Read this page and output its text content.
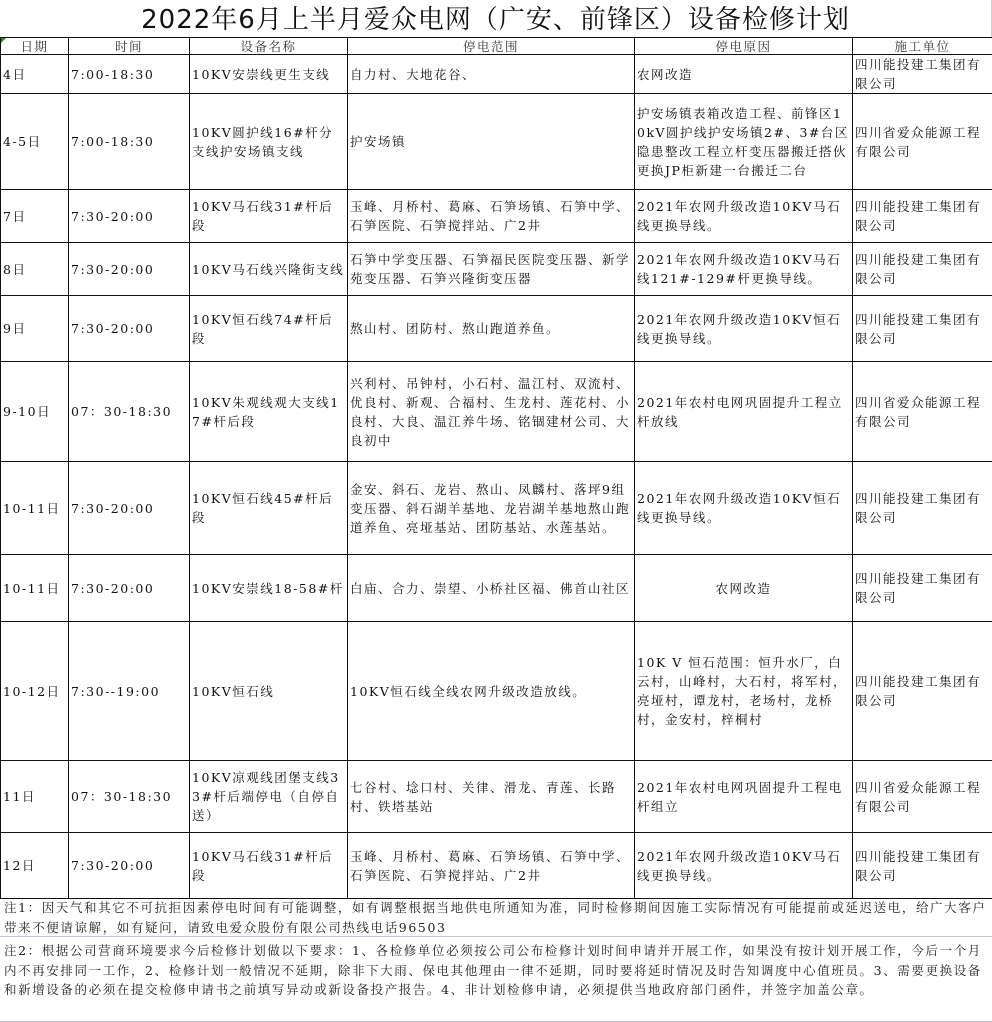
2022年6月上半月爱众电网（广安、前锋区）设备检修计划
日期	时间	设备名称	停电范围	停电原因	施工单位
4日	7:00-18:30	10KV安崇线更生支线	自力村、大地花谷、	农网改造	四川能投建工集团有限公司
4-5日	7:00-18:30	10KV圆护线16#杆分支线护安场镇支线	护安场镇	护安场镇表箱改造工程、前锋区10kV圆护线护安场镇2#、3#台区隐患整改工程立杆变压器搬迁搭伙更换JP柜新建一台搬迁二台	四川省爱众能源工程有限公司
7日	7:30-20:00	10KV马石线31#杆后段	玉峰、月桥村、葛麻、石笋场镇、石笋中学、石笋医院、石笋搅拌站、广2井	2021年农网升级改造10KV马石线更换导线。	四川能投建工集团有限公司
8日	7:30-20:00	10KV马石线兴隆街支线	石笋中学变压器、石笋福民医院变压器、新学苑变压器、石笋兴隆街变压器	2021年农网升级改造10KV马石线121#-129#杆更换导线。	四川能投建工集团有限公司
9日	7:30-20:00	10KV恒石线74#杆后段	熬山村、团防村、熬山跑道养鱼。	2021年农网升级改造10KV恒石线更换导线。	四川能投建工集团有限公司
9-10日	07：30-18:30	10KV朱观线观大支线17#杆后段	兴利村、吊钟村，小石村、温江村、双流村、优良村、新观、合福村、生龙村、莲花村、小良村、大良、温江养牛场、铭锢建材公司、大良初中	2021年农村电网巩固提升工程立杆放线	四川省爱众能源工程有限公司
10-11日	7:30-20:00	10KV恒石线45#杆后段	金安、斜石、龙岩、熬山、凤麟村、落坪9组变压器、斜石湖羊基地、龙岩湖羊基地熬山跑道养鱼、亮垭基站、团防基站、水莲基站。	2021年农网升级改造10KV恒石线更换导线。	四川能投建工集团有限公司
10-11日	7:30-20:00	10KV安崇线18-58#杆	白庙、合力、崇望、小桥社区福、佛首山社区	农网改造	四川能投建工集团有限公司
10-12日	7:30--19:00	10KV恒石线	10KV恒石线全线农网升级改造放线。	10K V 恒石范围：恒升水厂，白云村，山峰村，大石村，将军村，亮垭村，谭龙村，老场村，龙桥村，金安村，梓桐村	四川能投建工集团有限公司
11日	07：30-18:30	10KV凉观线团堡支线33#杆后端停电（自停自送）	七谷村、埝口村、关律、滑龙、青莲、长路村、铁塔基站	2021年农村电网巩固提升工程电杆组立	四川省爱众能源工程有限公司
12日	7:30-20:00	10KV马石线31#杆后段	玉峰、月桥村、葛麻、石笋场镇、石笋中学、石笋医院、石笋搅拌站、广2井	2021年农网升级改造10KV马石线更换导线。	四川能投建工集团有限公司
注1：因天气和其它不可抗拒因素停电时间有可能调整，如有调整根据当地供电所通知为准，同时检修期间因施工实际情况有可能提前或延迟送电，给广大客户带来不便请谅解，如有疑问，请致电爱众股份有限公司热线电话96503
注2：根据公司营商环境要求今后检修计划做以下要求：1、各检修单位必须按公司公布检修计划时间申请并开展工作，如果没有按计划开展工作，今后一个月内不再安排同一工作，2、检修计划一般情况不延期，除非下大雨、保电其他理由一律不延期，同时要将延时情况及时告知调度中心值班员。3、需要更换设备和新增设备的必须在提交检修申请书之前填写异动或新设备投产报告。4、非计划检修申请，必须提供当地政府部门函件，并签字加盖公章。
